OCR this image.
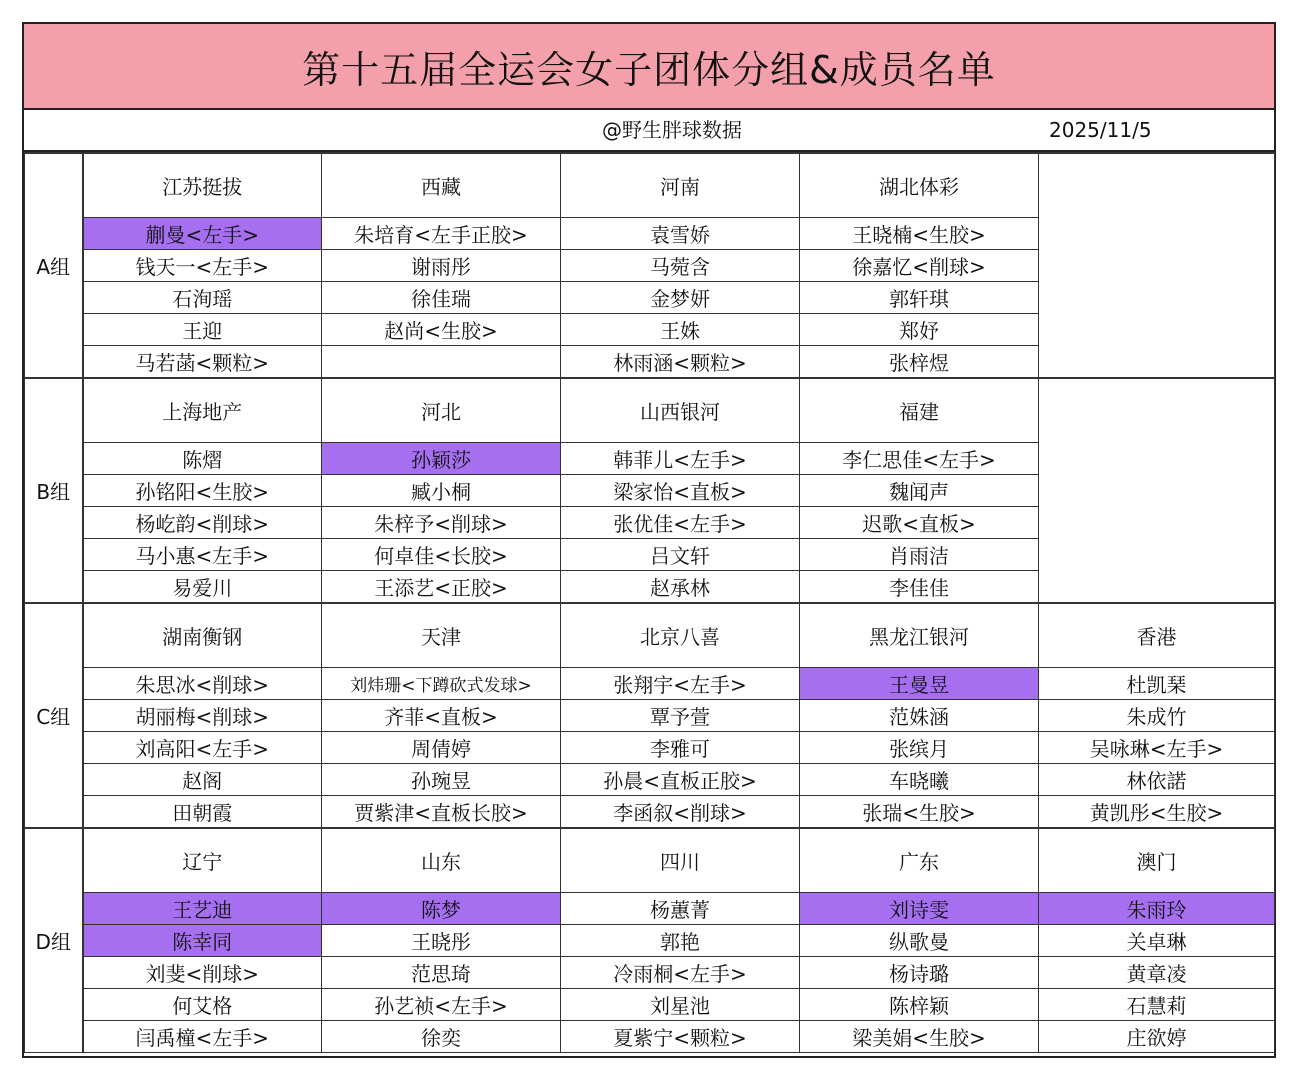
第十五届全运会女子团体分组&成员名单
@野生胖球数据	2025/11/5
A组	江苏挺拔	西藏	河南	湖北体彩	
	蒯曼<左手>	朱培育<左手正胶>	袁雪娇	王晓楠<生胶>	
	钱天一<左手>	谢雨彤	马菀含	徐嘉忆<削球>	
	石洵瑶	徐佳瑞	金梦妍	郭轩琪	
	王迎	赵尚<生胶>	王姝	郑妤	
	马若菡<颗粒>		林雨涵<颗粒>	张梓煜	
B组	上海地产	河北	山西银河	福建	
	陈熠	孙颖莎	韩菲儿<左手>	李仁思佳<左手>	
	孙铭阳<生胶>	臧小桐	梁家怡<直板>	魏闻声	
	杨屹韵<削球>	朱梓予<削球>	张优佳<左手>	迟歌<直板>	
	马小惠<左手>	何卓佳<长胶>	吕文轩	肖雨洁	
	易爱川	王添艺<正胶>	赵承林	李佳佳	
C组	湖南衡钢	天津	北京八喜	黑龙江银河	香港
	朱思冰<削球>	刘炜珊<下蹲砍式发球>	张翔宇<左手>	王曼昱	杜凯琹
	胡丽梅<削球>	齐菲<直板>	覃予萱	范姝涵	朱成竹
	刘高阳<左手>	周倩婷	李雅可	张缤月	吴咏琳<左手>
	赵阁	孙琬昱	孙晨<直板正胶>	车晓曦	林依諾
	田朝霞	贾紫津<直板长胶>	李函叙<削球>	张瑞<生胶>	黄凯彤<生胶>
D组	辽宁	山东	四川	广东	澳门
	王艺迪	陈梦	杨蕙菁	刘诗雯	朱雨玲
	陈幸同	王晓彤	郭艳	纵歌曼	关卓琳
	刘斐<削球>	范思琦	冷雨桐<左手>	杨诗璐	黄章凌
	何艾格	孙艺祯<左手>	刘星池	陈梓颖	石慧莉
	闫禹橦<左手>	徐奕	夏紫宁<颗粒>	梁美娟<生胶>	庄欲婷
